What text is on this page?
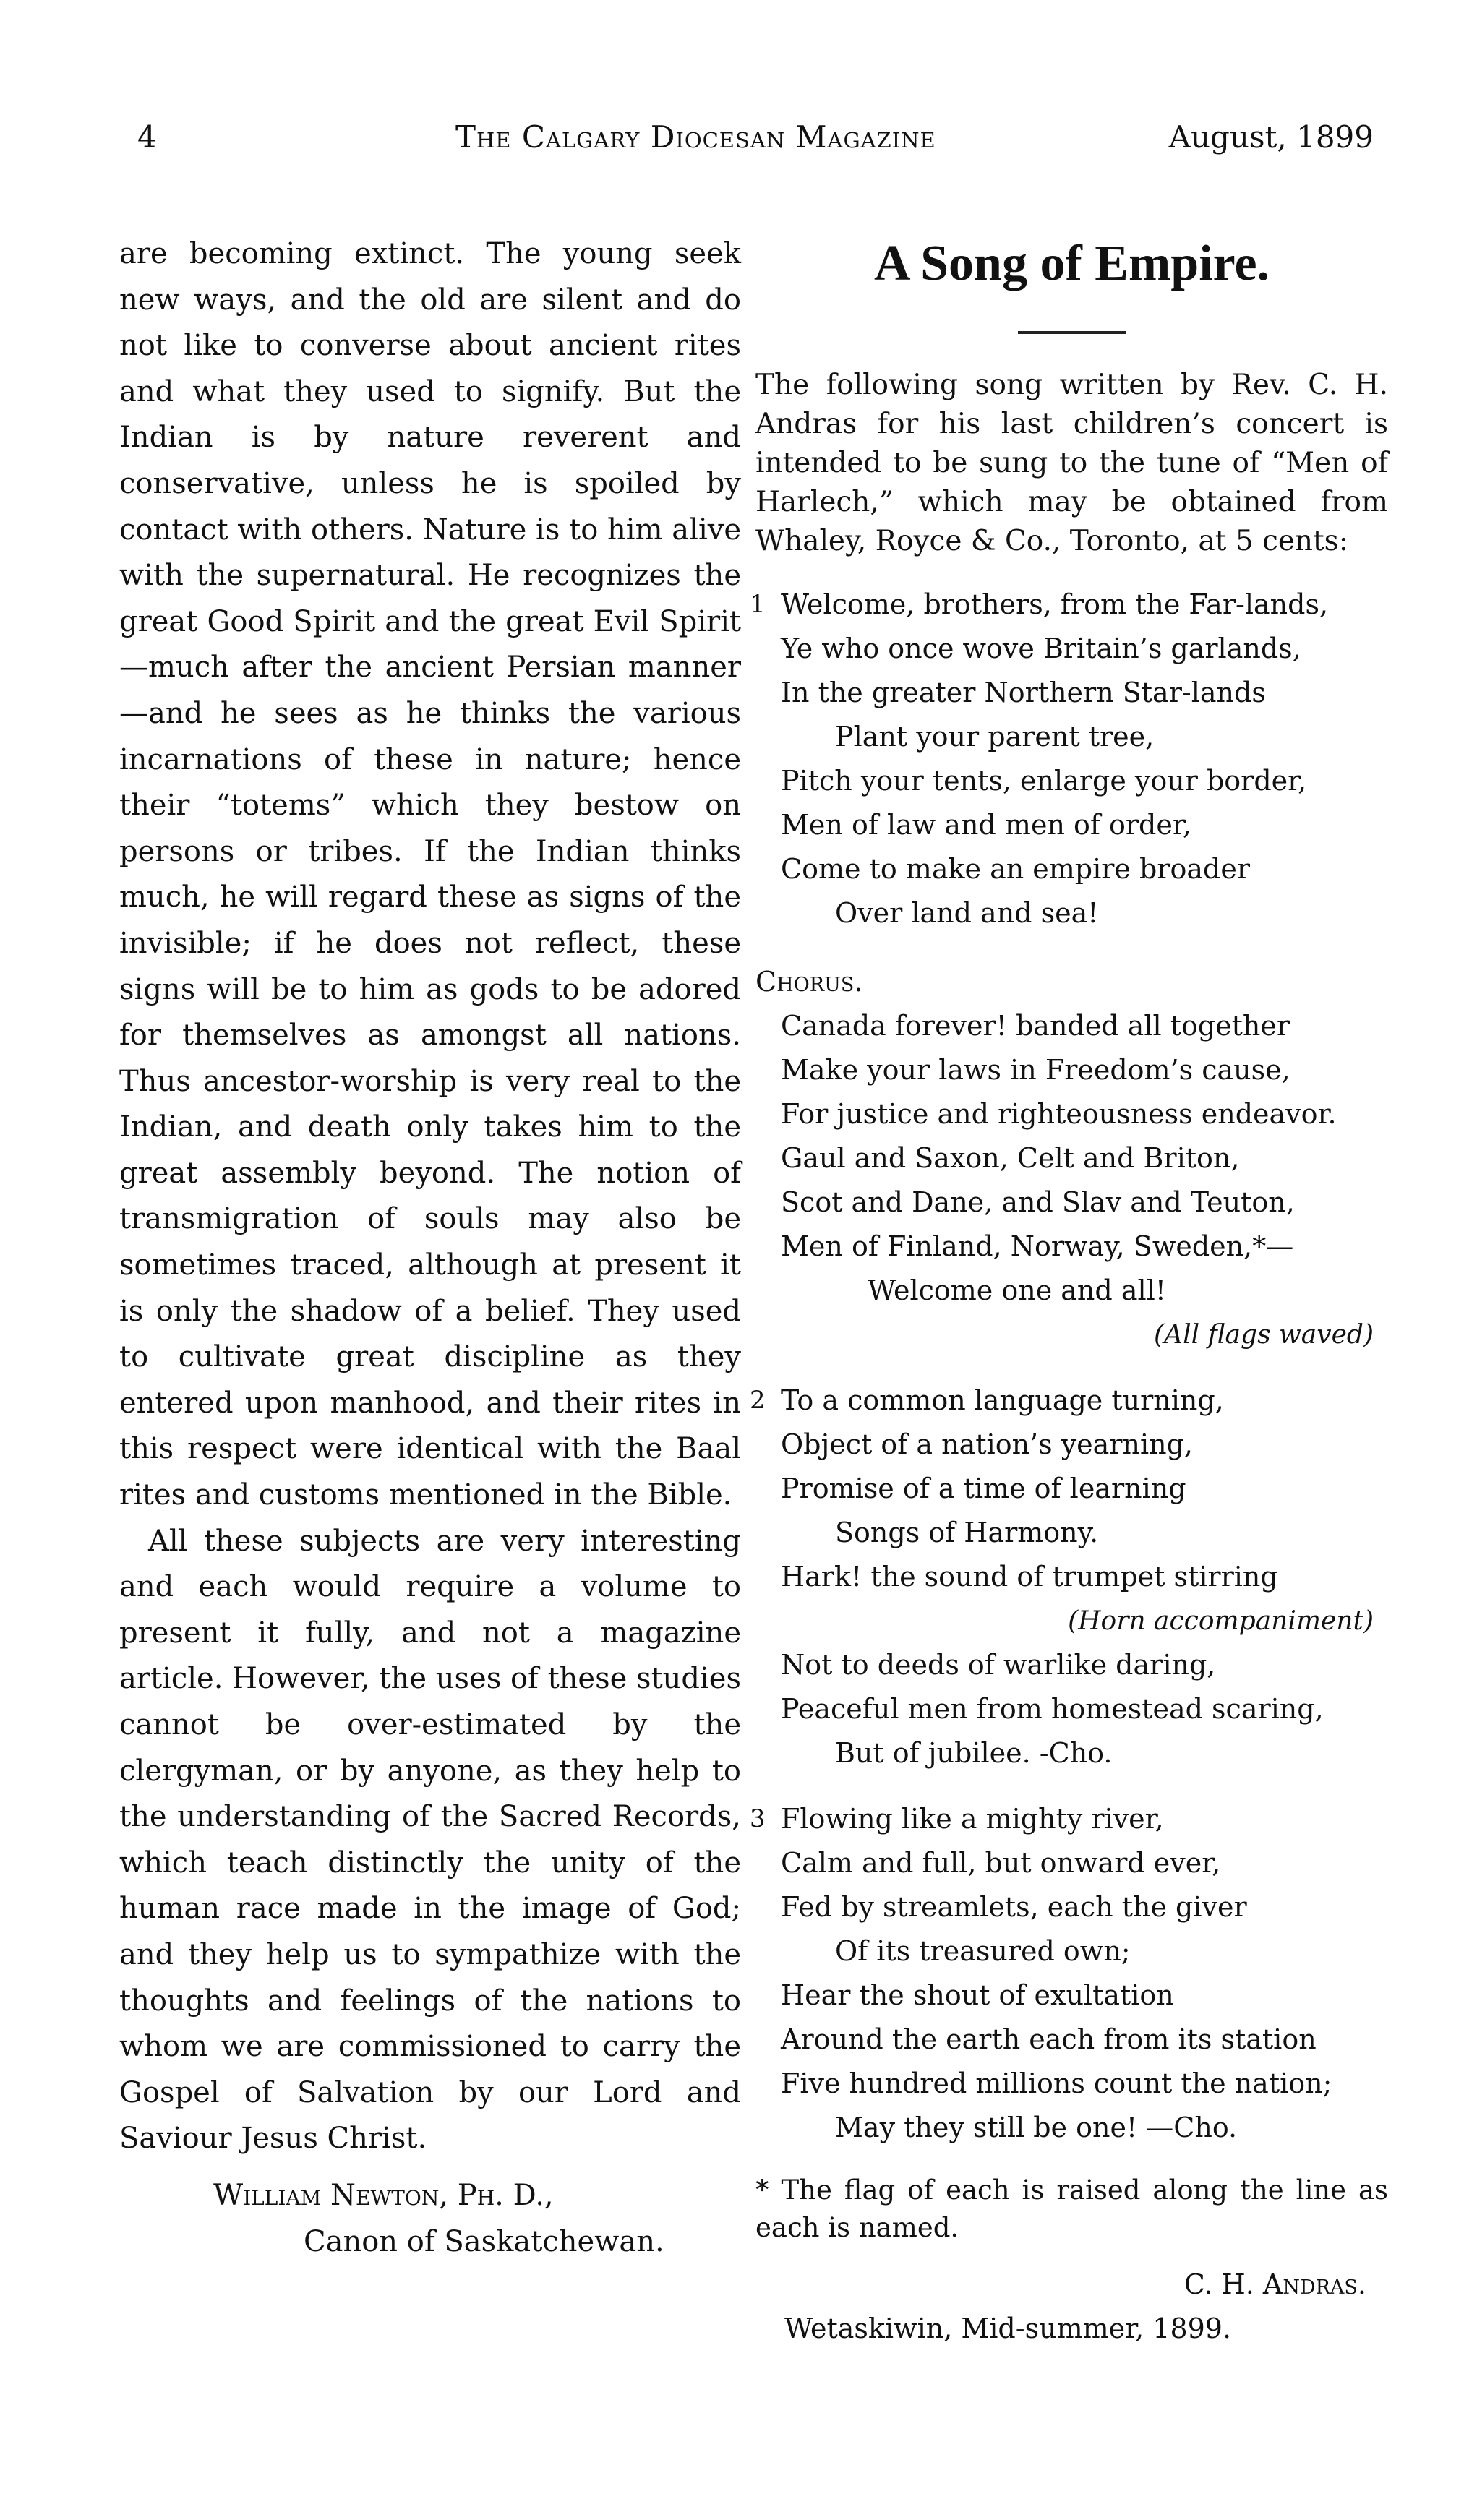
4	The Calgary Diocesan Magazine	August, 1899

are becoming extinct. The young seek new ways, and the old are silent and do not like to converse about ancient rites and what they used to signify. But the Indian is by nature reverent and conservative, unless he is spoiled by contact with others. Nature is to him alive with the supernatural. He recognizes the great Good Spirit and the great Evil Spirit—much after the ancient Persian manner—and he sees as he thinks the various incarnations of these in nature; hence their “totems” which they bestow on persons or tribes. If the Indian thinks much, he will regard these as signs of the invisible; if he does not reflect, these signs will be to him as gods to be adored for themselves as amongst all nations. Thus ancestor-worship is very real to the Indian, and death only takes him to the great assembly beyond. The notion of transmigration of souls may also be sometimes traced, although at present it is only the shadow of a belief. They used to cultivate great discipline as they entered upon manhood, and their rites in this respect were identical with the Baal rites and customs mentioned in the Bible.

All these subjects are very interesting and each would require a volume to present it fully, and not a magazine article. However, the uses of these studies cannot be over-estimated by the clergyman, or by anyone, as they help to the understanding of the Sacred Records, which teach distinctly the unity of the human race made in the image of God; and they help us to sympathize with the thoughts and feelings of the nations to whom we are commissioned to carry the Gospel of Salvation by our Lord and Saviour Jesus Christ.

William Newton, Ph. D.,
Canon of Saskatchewan.
A Song of Empire.

The following song written by Rev. C. H. Andras for his last children’s concert is intended to be sung to the tune of “Men of Harlech,” which may be obtained from Whaley, Royce & Co., Toronto, at 5 cents:

1 Welcome, brothers, from the Far-lands,
Ye who once wove Britain’s garlands,
In the greater Northern Star-lands
Plant your parent tree,
Pitch your tents, enlarge your border,
Men of law and men of order,
Come to make an empire broader
Over land and sea!
Chorus.
Canada forever! banded all together
Make your laws in Freedom’s cause,
For justice and righteousness endeavor.
Gaul and Saxon, Celt and Briton,
Scot and Dane, and Slav and Teuton,
Men of Finland, Norway, Sweden,*—
Welcome one and all!
(All flags waved)
2 To a common language turning,
Object of a nation’s yearning,
Promise of a time of learning
Songs of Harmony.
Hark! the sound of trumpet stirring
(Horn accompaniment)
Not to deeds of warlike daring,
Peaceful men from homestead scaring,
But of jubilee. -Cho.
3 Flowing like a mighty river,
Calm and full, but onward ever,
Fed by streamlets, each the giver
Of its treasured own;
Hear the shout of exultation
Around the earth each from its station
Five hundred millions count the nation;
May they still be one! —Cho.
* The flag of each is raised along the line as each is named.
C. H. Andras.
Wetaskiwin, Mid-summer, 1899.
